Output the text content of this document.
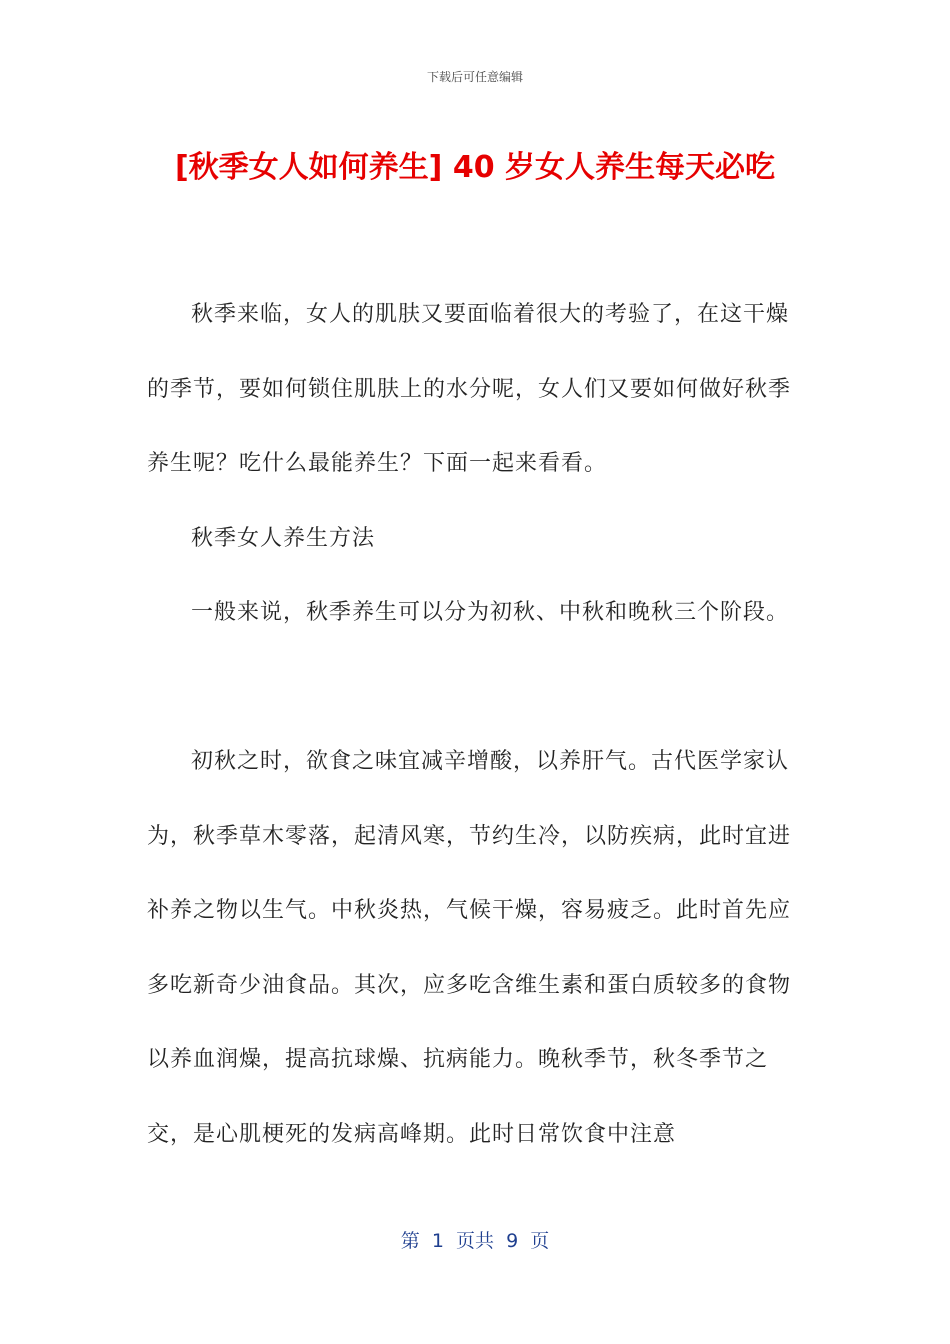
下载后可任意编辑
[秋季女人如何养生] 40 岁女人养生每天必吃

秋季来临，女人的肌肤又要面临着很大的考验了，在这干燥的季节，要如何锁住肌肤上的水分呢，女人们又要如何做好秋季养生呢？吃什么最能养生？下面一起来看看。

秋季女人养生方法

一般来说，秋季养生可以分为初秋、中秋和晚秋三个阶段。

初秋之时，欲食之味宜减辛增酸，以养肝气。古代医学家认为，秋季草木零落，起清风寒，节约生冷，以防疾病，此时宜进补养之物以生气。中秋炎热，气候干燥，容易疲乏。此时首先应多吃新奇少油食品。其次，应多吃含维生素和蛋白质较多的食物以养血润燥，提高抗球燥、抗病能力。晚秋季节，秋冬季节之交，是心肌梗死的发病高峰期。此时日常饮食中注意

第  1  页共  9  页
